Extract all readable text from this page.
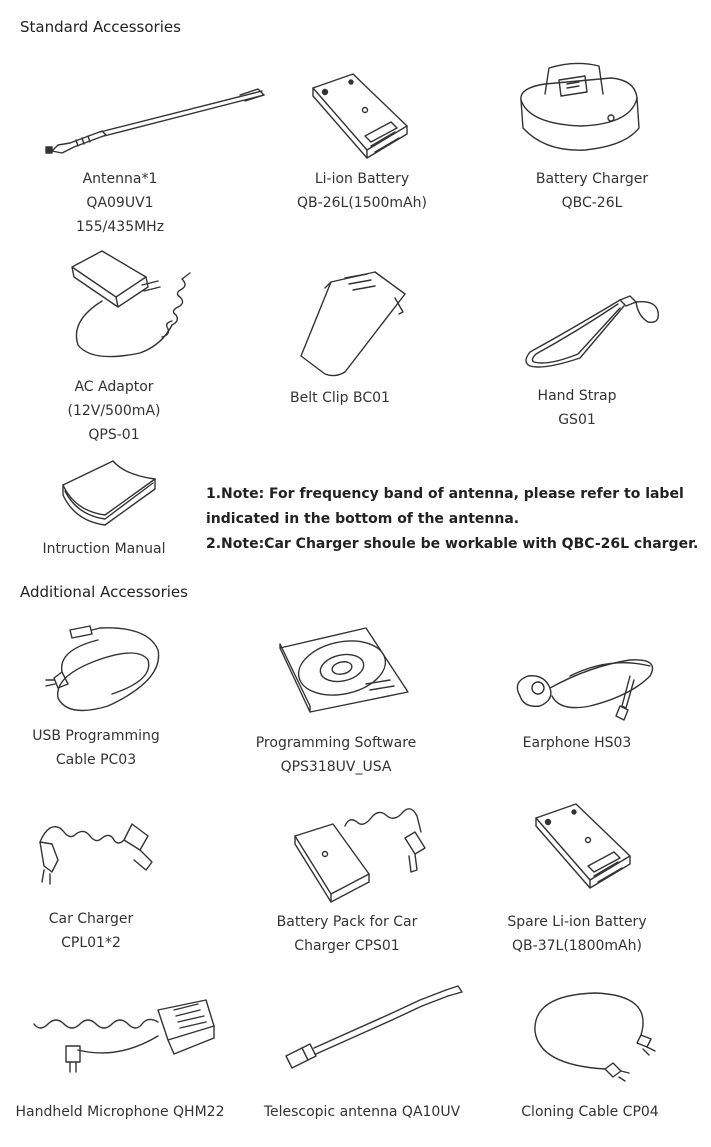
Standard Accessories
Antenna*1
QA09UV1
155/435MHz
Li-ion Battery
QB-26L(1500mAh)
Battery Charger
QBC-26L
AC Adaptor
(12V/500mA)
QPS-01
Belt Clip BC01	Hand Strap
GS01
Intruction Manual
1.Note: For frequency band of antenna, please refer to label indicated in the bottom of the antenna.
2.Note:Car Charger shoule be workable with QBC-26L charger.
Additional Accessories
USB Programming
Cable PC03
Programming Software
QPS318UV_USA
Earphone HS03
Car Charger
CPL01*2
Battery Pack for Car
Charger CPS01
Spare Li-ion Battery
QB-37L(1800mAh)
Handheld Microphone QHM22	Telescopic antenna QA10UV	Cloning Cable CP04
